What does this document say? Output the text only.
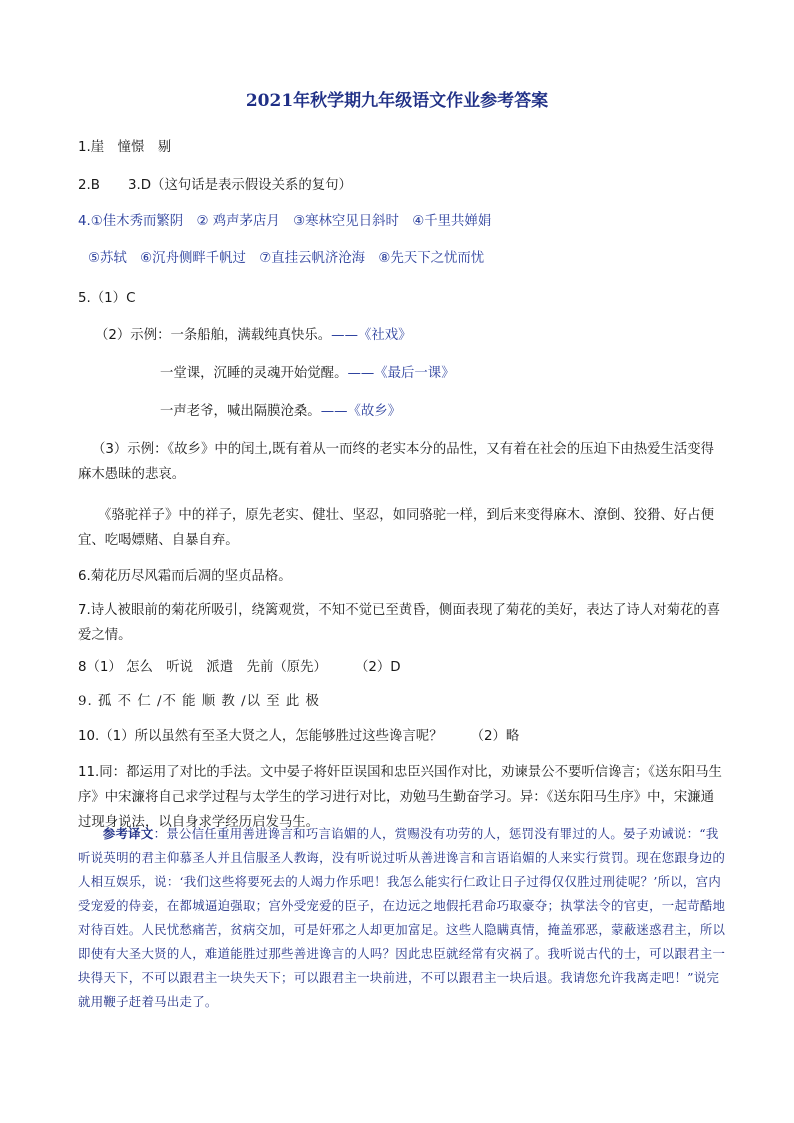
2021年秋学期九年级语文作业参考答案
1.崖　憧憬　剔
2.B 3.D（这句话是表示假设关系的复句）
4.①佳木秀而繁阴　② 鸡声茅店月　③寒林空见日斜时　④千里共婵娟
⑤苏轼　⑥沉舟侧畔千帆过　⑦直挂云帆济沧海　⑧先天下之忧而忧
5.（1）C
（2）示例：一条船舶，满载纯真快乐。——《社戏》
一堂课，沉睡的灵魂开始觉醒。——《最后一课》
一声老爷，喊出隔膜沧桑。——《故乡》
（3）示例：《故乡》中的闰土,既有着从一而终的老实本分的品性，又有着在社会的压迫下由热爱生活变得麻木愚昧的悲哀。
《骆驼祥子》中的祥子，原先老实、健壮、坚忍，如同骆驼一样，到后来变得麻木、潦倒、狡猾、好占便宜、吃喝嫖赌、自暴自弃。
6.菊花历尽风霜而后凋的坚贞品格。
7.诗人被眼前的菊花所吸引，绕篱观赏，不知不觉已至黄昏，侧面表现了菊花的美好，表达了诗人对菊花的喜爱之情。
8（1） 怎么　听说　派遣　先前（原先） （2）D
9. 孤 不 仁 /不 能 顺 教 /以 至 此 极
10.（1）所以虽然有至圣大贤之人，怎能够胜过这些谗言呢？ （2）略
11.同：都运用了对比的手法。文中晏子将奸臣误国和忠臣兴国作对比，劝谏景公不要听信谗言；《送东阳马生序》中宋濂将自己求学过程与太学生的学习进行对比，劝勉马生勤奋学习。异：《送东阳马生序》中，宋濂通过现身说法，以自身求学经历启发马生。
参考译文：景公信任重用善进谗言和巧言谄媚的人，赏赐没有功劳的人，惩罚没有罪过的人。晏子劝诫说：“我听说英明的君主仰慕圣人并且信服圣人教诲，没有听说过听从善进谗言和言语谄媚的人来实行赏罚。现在您跟身边的人相互娱乐，说：‘我们这些将要死去的人竭力作乐吧！我怎么能实行仁政让日子过得仅仅胜过刑徒呢？’所以，宫内受宠爱的侍妾，在都城逼迫强取；宫外受宠爱的臣子，在边远之地假托君命巧取豪夺；执掌法令的官吏，一起苛酷地对待百姓。人民忧愁痛苦，贫病交加，可是奸邪之人却更加富足。这些人隐瞒真情，掩盖邪恶，蒙蔽迷惑君主，所以即使有大圣大贤的人，难道能胜过那些善进谗言的人吗？因此忠臣就经常有灾祸了。我听说古代的士，可以跟君主一块得天下，不可以跟君主一块失天下；可以跟君主一块前进，不可以跟君主一块后退。我请您允许我离走吧！”说完就用鞭子赶着马出走了。
